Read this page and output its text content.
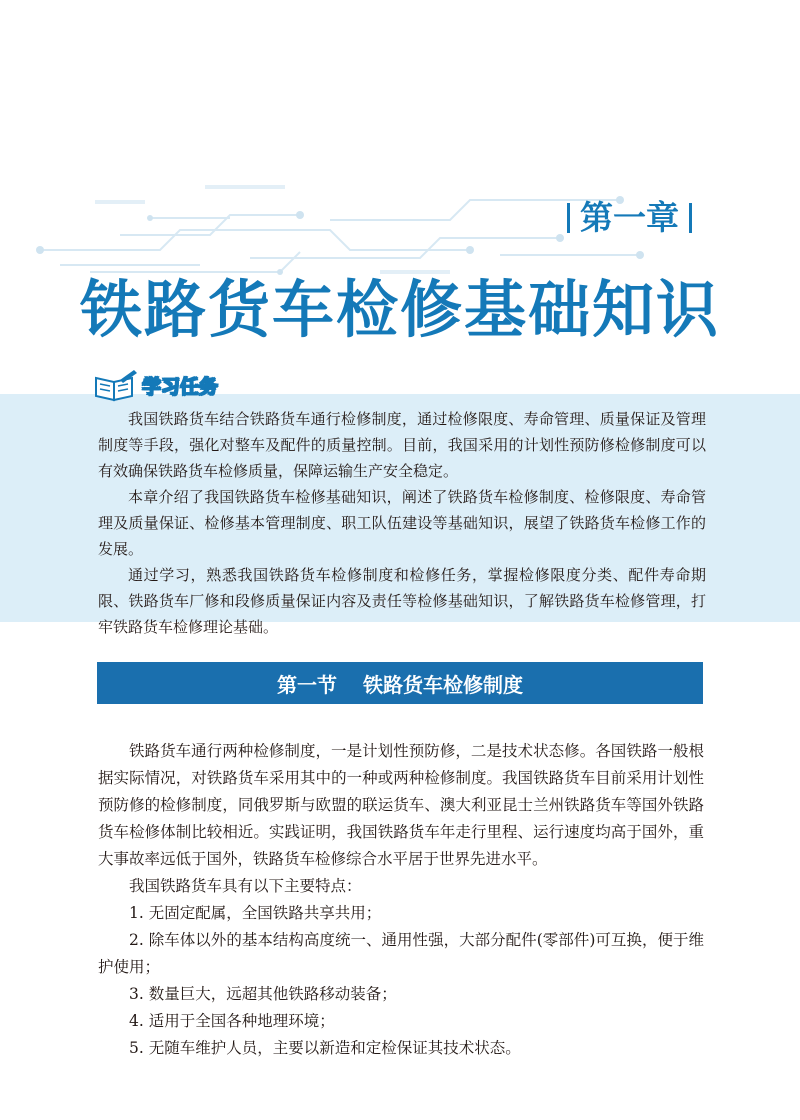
第一章
铁路货车检修基础知识
学习任务

我国铁路货车结合铁路货车通行检修制度，通过检修限度、寿命管理、质量保证及管理制度等手段，强化对整车及配件的质量控制。目前，我国采用的计划性预防修检修制度可以有效确保铁路货车检修质量，保障运输生产安全稳定。

本章介绍了我国铁路货车检修基础知识，阐述了铁路货车检修制度、检修限度、寿命管理及质量保证、检修基本管理制度、职工队伍建设等基础知识，展望了铁路货车检修工作的发展。

通过学习，熟悉我国铁路货车检修制度和检修任务，掌握检修限度分类、配件寿命期限、铁路货车厂修和段修质量保证内容及责任等检修基础知识，了解铁路货车检修管理，打牢铁路货车检修理论基础。

第一节 铁路货车检修制度

铁路货车通行两种检修制度，一是计划性预防修，二是技术状态修。各国铁路一般根据实际情况，对铁路货车采用其中的一种或两种检修制度。我国铁路货车目前采用计划性预防修的检修制度，同俄罗斯与欧盟的联运货车、澳大利亚昆士兰州铁路货车等国外铁路货车检修体制比较相近。实践证明，我国铁路货车年走行里程、运行速度均高于国外，重大事故率远低于国外，铁路货车检修综合水平居于世界先进水平。

我国铁路货车具有以下主要特点：

1. 无固定配属，全国铁路共享共用；

2. 除车体以外的基本结构高度统一、通用性强，大部分配件(零部件)可互换，便于维护使用；

3. 数量巨大，远超其他铁路移动装备；

4. 适用于全国各种地理环境；

5. 无随车维护人员，主要以新造和定检保证其技术状态。
